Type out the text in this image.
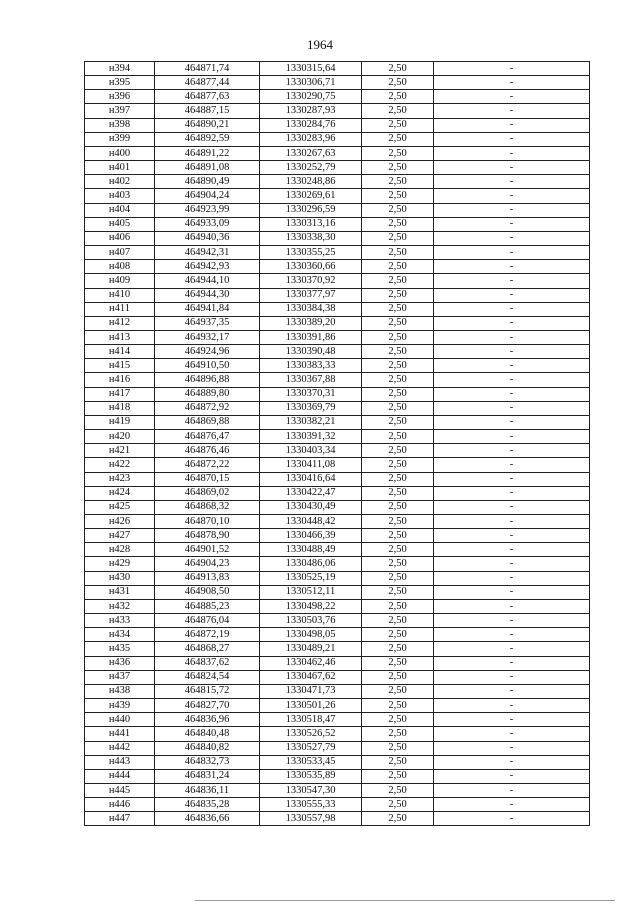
1964
н394	464871,74	1330315,64	2,50	-
н395	464877,44	1330306,71	2,50	-
н396	464877,63	1330290,75	2,50	-
н397	464887,15	1330287,93	2,50	-
н398	464890,21	1330284,76	2,50	-
н399	464892,59	1330283,96	2,50	-
н400	464891,22	1330267,63	2,50	-
н401	464891,08	1330252,79	2,50	-
н402	464890,49	1330248,86	2,50	-
н403	464904,24	1330269,61	2,50	-
н404	464923,99	1330296,59	2,50	-
н405	464933,09	1330313,16	2,50	-
н406	464940,36	1330338,30	2,50	-
н407	464942,31	1330355,25	2,50	-
н408	464942,93	1330360,66	2,50	-
н409	464944,10	1330370,92	2,50	-
н410	464944,30	1330377,97	2,50	-
н411	464941,84	1330384,38	2,50	-
н412	464937,35	1330389,20	2,50	-
н413	464932,17	1330391,86	2,50	-
н414	464924,96	1330390,48	2,50	-
н415	464910,50	1330383,33	2,50	-
н416	464896,88	1330367,88	2,50	-
н417	464889,80	1330370,31	2,50	-
н418	464872,92	1330369,79	2,50	-
н419	464869,88	1330382,21	2,50	-
н420	464876,47	1330391,32	2,50	-
н421	464876,46	1330403,34	2,50	-
н422	464872,22	1330411,08	2,50	-
н423	464870,15	1330416,64	2,50	-
н424	464869,02	1330422,47	2,50	-
н425	464868,32	1330430,49	2,50	-
н426	464870,10	1330448,42	2,50	-
н427	464878,90	1330466,39	2,50	-
н428	464901,52	1330488,49	2,50	-
н429	464904,23	1330486,06	2,50	-
н430	464913,83	1330525,19	2,50	-
н431	464908,50	1330512,11	2,50	-
н432	464885,23	1330498,22	2,50	-
н433	464876,04	1330503,76	2,50	-
н434	464872,19	1330498,05	2,50	-
н435	464868,27	1330489,21	2,50	-
н436	464837,62	1330462,46	2,50	-
н437	464824,54	1330467,62	2,50	-
н438	464815,72	1330471,73	2,50	-
н439	464827,70	1330501,26	2,50	-
н440	464836,96	1330518,47	2,50	-
н441	464840,48	1330526,52	2,50	-
н442	464840,82	1330527,79	2,50	-
н443	464832,73	1330533,45	2,50	-
н444	464831,24	1330535,89	2,50	-
н445	464836,11	1330547,30	2,50	-
н446	464835,28	1330555,33	2,50	-
н447	464836,66	1330557,98	2,50	-
